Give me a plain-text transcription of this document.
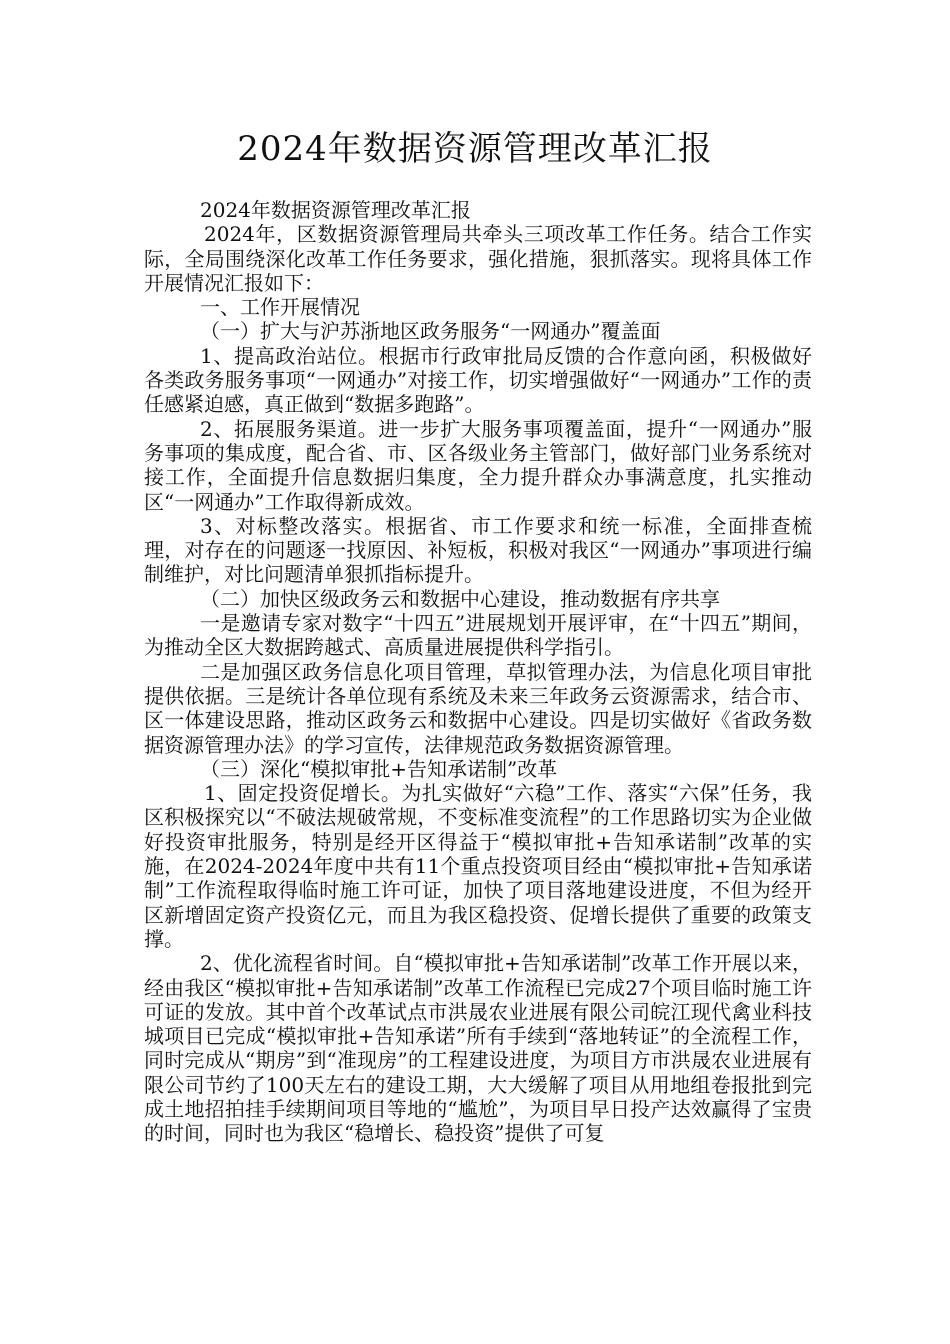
2024年数据资源管理改革汇报

2024年数据资源管理改革汇报

2024年，区数据资源管理局共牵头三项改革工作任务。结合工作实际，全局围绕深化改革工作任务要求，强化措施，狠抓落实。现将具体工作开展情况汇报如下：

一、工作开展情况

（一）扩大与沪苏浙地区政务服务“一网通办”覆盖面

1、提高政治站位。根据市行政审批局反馈的合作意向函，积极做好各类政务服务事项“一网通办”对接工作，切实增强做好“一网通办”工作的责任感紧迫感，真正做到“数据多跑路”。

2、拓展服务渠道。进一步扩大服务事项覆盖面，提升“一网通办”服务事项的集成度，配合省、市、区各级业务主管部门，做好部门业务系统对接工作，全面提升信息数据归集度，全力提升群众办事满意度，扎实推动区“一网通办”工作取得新成效。

3、对标整改落实。根据省、市工作要求和统一标准，全面排查梳理，对存在的问题逐一找原因、补短板，积极对我区“一网通办”事项进行编制维护，对比问题清单狠抓指标提升。

（二）加快区级政务云和数据中心建设，推动数据有序共享

一是邀请专家对数字“十四五”进展规划开展评审，在“十四五”期间，为推动全区大数据跨越式、高质量进展提供科学指引。

二是加强区政务信息化项目管理，草拟管理办法，为信息化项目审批提供依据。三是统计各单位现有系统及未来三年政务云资源需求，结合市、区一体建设思路，推动区政务云和数据中心建设。四是切实做好《省政务数据资源管理办法》的学习宣传，法律规范政务数据资源管理。

（三）深化“模拟审批+告知承诺制”改革

1、固定投资促增长。为扎实做好“六稳”工作、落实“六保”任务，我区积极探究以“不破法规破常规，不变标准变流程”的工作思路切实为企业做好投资审批服务，特别是经开区得益于“模拟审批+告知承诺制”改革的实施，在2024-2024年度中共有11个重点投资项目经由“模拟审批+告知承诺制”工作流程取得临时施工许可证，加快了项目落地建设进度，不但为经开区新增固定资产投资亿元，而且为我区稳投资、促增长提供了重要的政策支撑。

2、优化流程省时间。自“模拟审批+告知承诺制”改革工作开展以来，经由我区“模拟审批+告知承诺制”改革工作流程已完成27个项目临时施工许可证的发放。其中首个改革试点市洪晟农业进展有限公司皖江现代禽业科技城项目已完成“模拟审批+告知承诺”所有手续到“落地转证”的全流程工作，同时完成从“期房”到“准现房”的工程建设进度，为项目方市洪晟农业进展有限公司节约了100天左右的建设工期，大大缓解了项目从用地组卷报批到完成土地招拍挂手续期间项目等地的“尴尬”，为项目早日投产达效赢得了宝贵的时间，同时也为我区“稳增长、稳投资”提供了可复
